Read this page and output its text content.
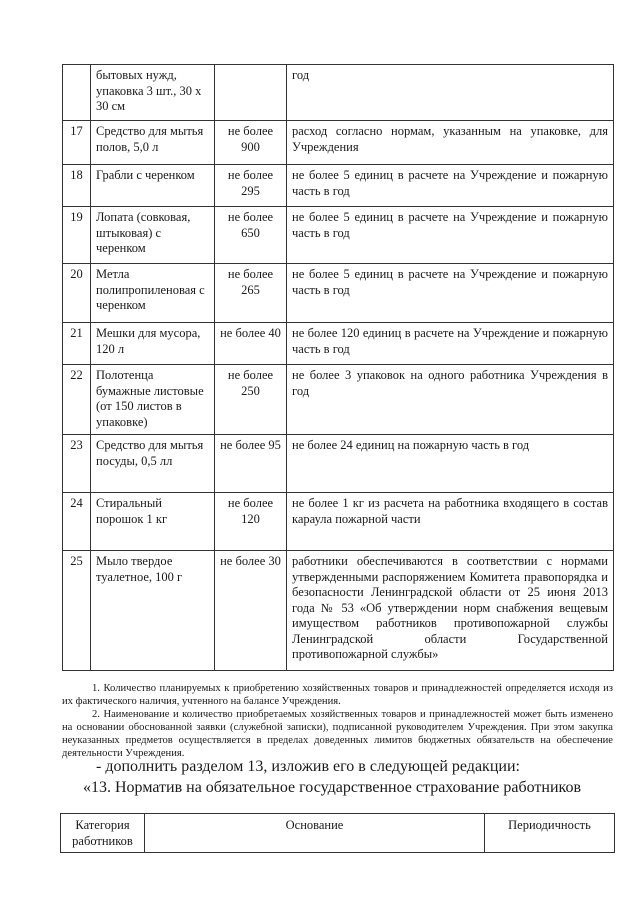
	бытовых нужд, упаковка 3 шт., 30 х 30 см		год
17	Средство для мытья полов, 5,0 л	не более 900	расход согласно нормам, указанным на упаковке, для Учреждения
18	Грабли с черенком	не более 295	не более 5 единиц в расчете на Учреждение и пожарную часть в год
19	Лопата (совковая, штыковая) с черенком	не более 650	не более 5 единиц в расчете на Учреждение и пожарную часть в год
20	Метла полипропиленовая с черенком	не более 265	не более 5 единиц в расчете на Учреждение и пожарную часть в год
21	Мешки для мусора, 120 л	не более 40	не более 120 единиц в расчете на Учреждение и пожарную часть в год
22	Полотенца бумажные листовые (от 150 листов в упаковке)	не более 250	не более 3 упаковок на одного работника Учреждения в год
23	Средство для мытья посуды, 0,5 лл	не более 95	не более 24 единиц на пожарную часть в год
24	Стиральный порошок 1 кг	не более 120	не более 1 кг из расчета на работника входящего в состав караула пожарной части
25	Мыло твердое туалетное, 100 г	не более 30	работники обеспечиваются в соответствии с нормами утвержденными распоряжением Комитета правопорядка и безопасности Ленинградской области от 25 июня 2013 года № 53 «Об утверждении норм снабжения вещевым имуществом работников противопожарной службы Ленинградской области Государственной противопожарной службы»

1. Количество планируемых к приобретению хозяйственных товаров и принадлежностей определяется исходя из их фактического наличия, учтенного на балансе Учреждения.

2. Наименование и количество приобретаемых хозяйственных товаров и принадлежностей может быть изменено на основании обоснованной заявки (служебной записки), подписанной руководителем Учреждения. При этом закупка неуказанных предметов осуществляется в пределах доведенных лимитов бюджетных обязательств на обеспечение деятельности Учреждения.

- дополнить разделом 13, изложив его в следующей редакции:

«13. Норматив на обязательное государственное страхование работников

Категория работников	Основание	Периодичность
